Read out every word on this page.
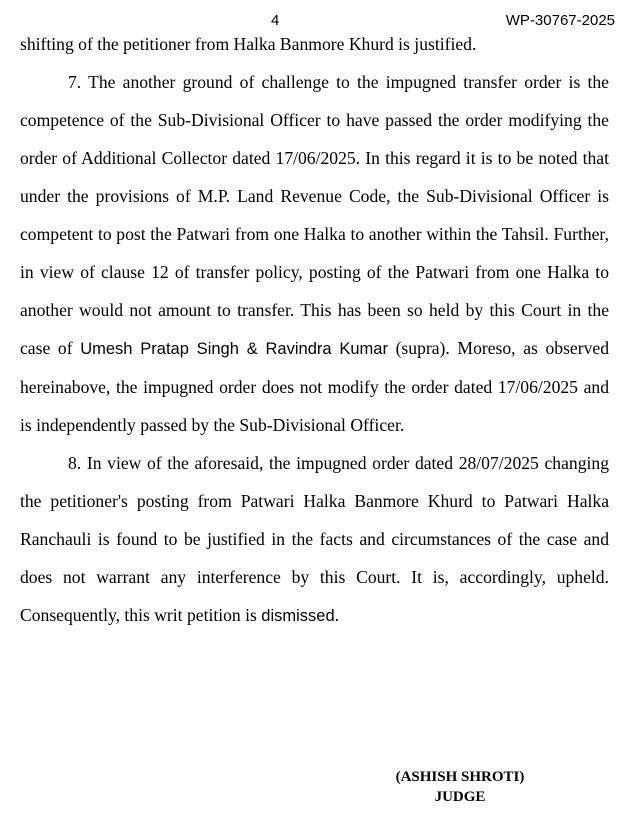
4	WP-30767-2025

shifting of the petitioner from Halka Banmore Khurd is justified.

7. The another ground of challenge to the impugned transfer order is the competence of the Sub-Divisional Officer to have passed the order modifying the order of Additional Collector dated 17/06/2025. In this regard it is to be noted that under the provisions of M.P. Land Revenue Code, the Sub-Divisional Officer is competent to post the Patwari from one Halka to another within the Tahsil. Further, in view of clause 12 of transfer policy, posting of the Patwari from one Halka to another would not amount to transfer. This has been so held by this Court in the case of Umesh Pratap Singh & Ravindra Kumar (supra). Moreso, as observed hereinabove, the impugned order does not modify the order dated 17/06/2025 and is independently passed by the Sub-Divisional Officer.

8. In view of the aforesaid, the impugned order dated 28/07/2025 changing the petitioner's posting from Patwari Halka Banmore Khurd to Patwari Halka Ranchauli is found to be justified in the facts and circumstances of the case and does not warrant any interference by this Court. It is, accordingly, upheld. Consequently, this writ petition is dismissed.

(ASHISH SHROTI)
JUDGE
